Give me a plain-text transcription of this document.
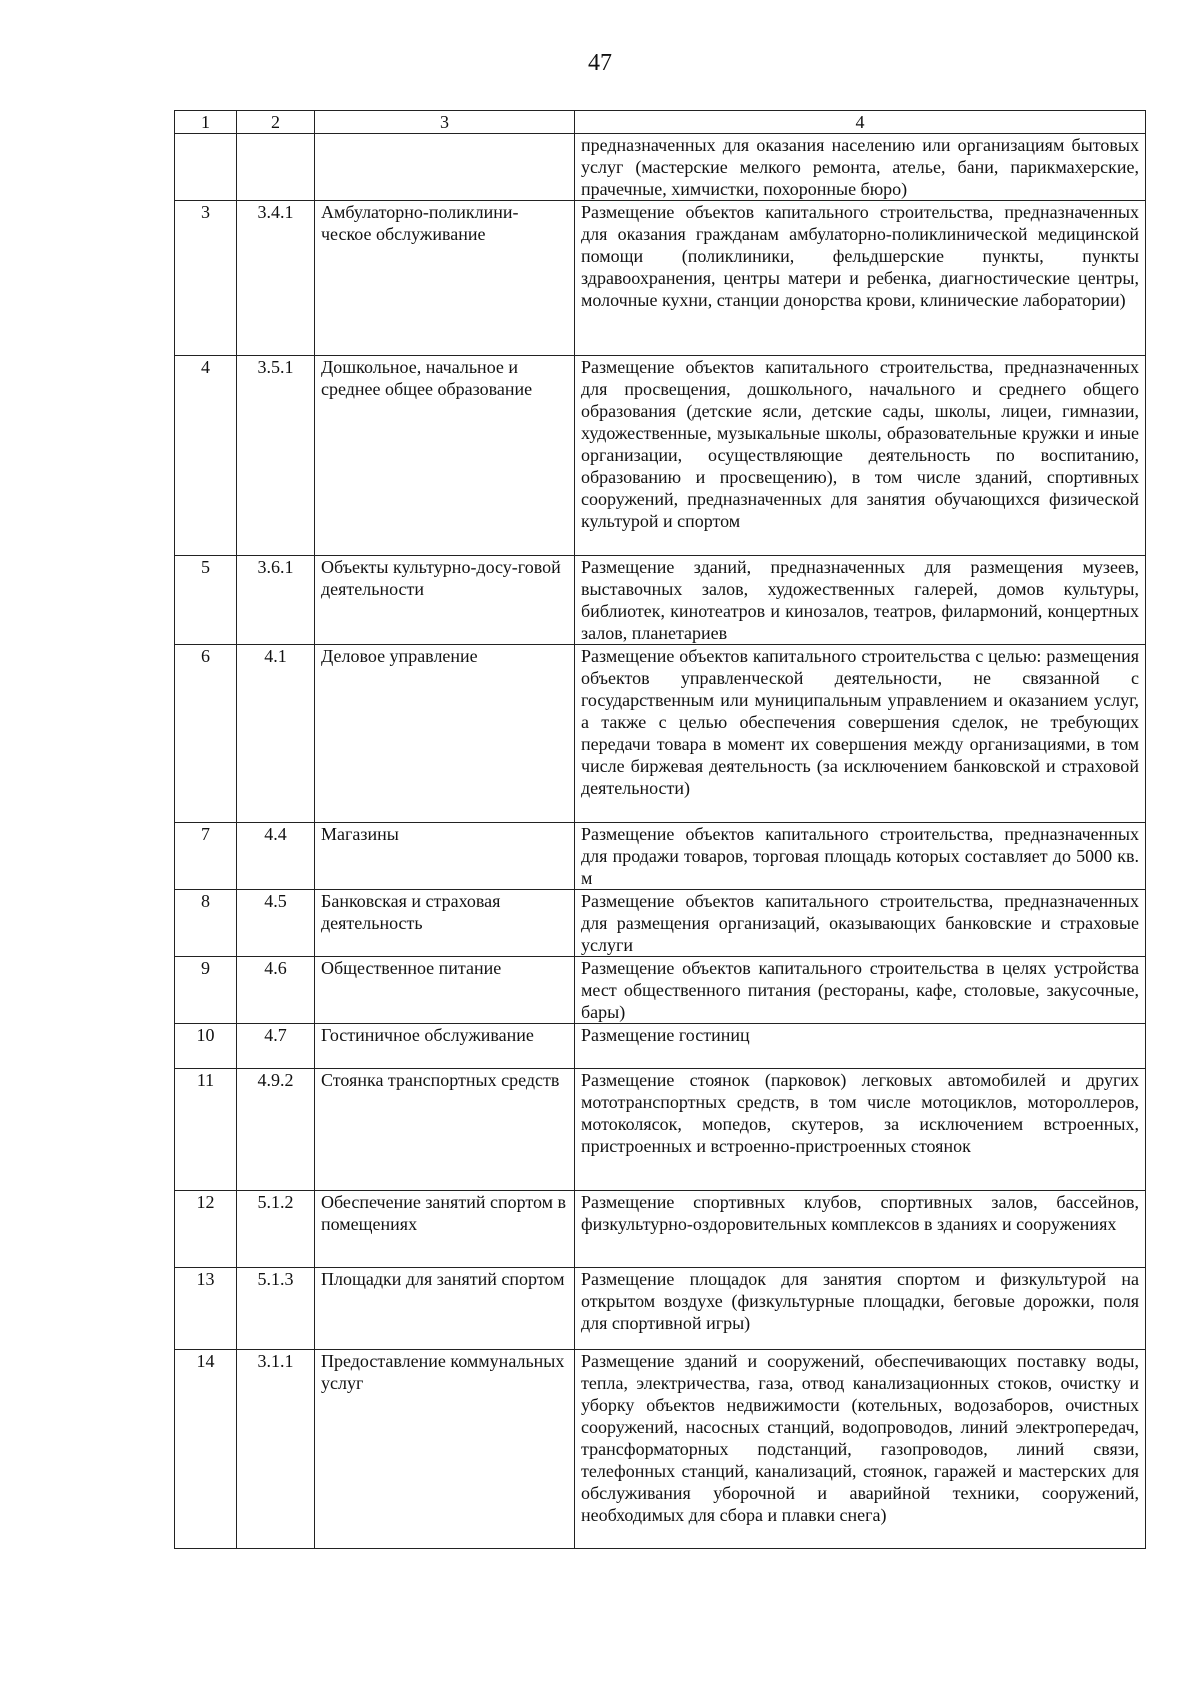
47
1	2	3	4
			предназначенных для оказания населению или организациям бытовых услуг (мастерские мелкого ремонта, ателье, бани, парикмахерские, прачечные, химчистки, похоронные бюро)
3	3.4.1	Амбулаторно-поликлини-ческое обслуживание	Размещение объектов капитального строительства, предназначенных для оказания гражданам амбулаторно-поликлинической медицинской помощи (поликлиники, фельдшерские пункты, пункты здравоохранения, центры матери и ребенка, диагностические центры, молочные кухни, станции донорства крови, клинические лаборатории)
4	3.5.1	Дошкольное, начальное и среднее общее образование	Размещение объектов капитального строительства, предназначенных для просвещения, дошкольного, начального и среднего общего образования (детские ясли, детские сады, школы, лицеи, гимназии, художественные, музыкальные школы, образовательные кружки и иные организации, осуществляющие деятельность по воспитанию, образованию и просвещению), в том числе зданий, спортивных сооружений, предназначенных для занятия обучающихся физической культурой и спортом
5	3.6.1	Объекты культурно-досу-говой деятельности	Размещение зданий, предназначенных для размещения музеев, выставочных залов, художественных галерей, домов культуры, библиотек, кинотеатров и кинозалов, театров, филармоний, концертных залов, планетариев
6	4.1	Деловое управление	Размещение объектов капитального строительства с целью: размещения объектов управленческой деятельности, не связанной с государственным или муниципальным управлением и оказанием услуг, а также с целью обеспечения совершения сделок, не требующих передачи товара в момент их совершения между организациями, в том числе биржевая деятельность (за исключением банковской и страховой деятельности)
7	4.4	Магазины	Размещение объектов капитального строительства, предназначенных для продажи товаров, торговая площадь которых составляет до 5000 кв. м
8	4.5	Банковская и страховая деятельность	Размещение объектов капитального строительства, предназначенных для размещения организаций, оказывающих банковские и страховые услуги
9	4.6	Общественное питание	Размещение объектов капитального строительства в целях устройства мест общественного питания (рестораны, кафе, столовые, закусочные, бары)
10	4.7	Гостиничное обслуживание	Размещение гостиниц
11	4.9.2	Стоянка транспортных средств	Размещение стоянок (парковок) легковых автомобилей и других мототранспортных средств, в том числе мотоциклов, мотороллеров, мотоколясок, мопедов, скутеров, за исключением встроенных, пристроенных и встроенно-пристроенных стоянок
12	5.1.2	Обеспечение занятий спортом в помещениях	Размещение спортивных клубов, спортивных залов, бассейнов, физкультурно-оздоровительных комплексов в зданиях и сооружениях
13	5.1.3	Площадки для занятий спортом	Размещение площадок для занятия спортом и физкультурой на открытом воздухе (физкультурные площадки, беговые дорожки, поля для спортивной игры)
14	3.1.1	Предоставление коммунальных услуг	Размещение зданий и сооружений, обеспечивающих поставку воды, тепла, электричества, газа, отвод канализационных стоков, очистку и уборку объектов недвижимости (котельных, водозаборов, очистных сооружений, насосных станций, водопроводов, линий электропередач, трансформаторных подстанций, газопроводов, линий связи, телефонных станций, канализаций, стоянок, гаражей и мастерских для обслуживания уборочной и аварийной техники, сооружений, необходимых для сбора и плавки снега)
